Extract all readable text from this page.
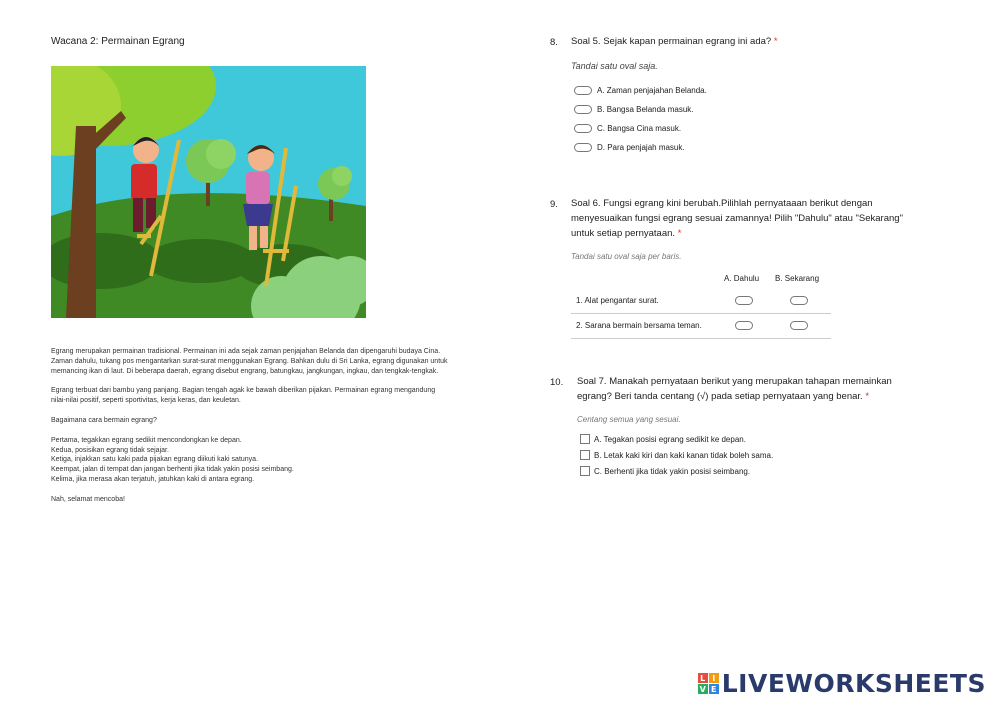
Wacana 2: Permainan Egrang

Egrang merupakan permainan tradisional. Permainan ini ada sejak zaman penjajahan Belanda dan dipengaruhi budaya Cina. Zaman dahulu, tukang pos mengantarkan surat-surat menggunakan Egrang. Bahkan dulu di Sri Lanka, egrang digunakan untuk memancing ikan di laut. Di beberapa daerah, egrang disebut engrang, batungkau, jangkungan, ingkau, dan tengkak-tengkak.

Egrang terbuat dari bambu yang panjang. Bagian tengah agak ke bawah diberikan pijakan. Permainan egrang mengandung nilai-nilai positif, seperti sportivitas, kerja keras, dan keuletan.

Bagaimana cara bermain egrang?

Pertama, tegakkan egrang sedikit mencondongkan ke depan.
Kedua, posisikan egrang tidak sejajar.
Ketiga, injakkan satu kaki pada pijakan egrang diikuti kaki satunya.
Keempat, jalan di tempat dan jangan berhenti jika tidak yakin posisi seimbang.
Kelima, jika merasa akan terjatuh, jatuhkan kaki di antara egrang.

Nah, selamat mencoba!

8. Soal 5. Sejak kapan permainan egrang ini ada? *
Tandai satu oval saja.
A. Zaman penjajahan Belanda.
B. Bangsa Belanda masuk.
C. Bangsa Cina masuk.
D. Para penjajah masuk.
9. Soal 6. Fungsi egrang kini berubah.Pilihlah pernyataaan berikut dengan
menyesuaikan fungsi egrang sesuai zamannya! Pilih "Dahulu" atau "Sekarang"
untuk setiap pernyataan. *
Tandai satu oval saja per baris.
A. Dahulu B. Sekarang
1. Alat pengantar surat.
2. Sarana bermain bersama teman.
10. Soal 7. Manakah pernyataan berikut yang merupakan tahapan memainkan
egrang? Beri tanda centang (√) pada setiap pernyataan yang benar. *
Centang semua yang sesuai.
A. Tegakan posisi egrang sedikit ke depan.
B. Letak kaki kiri dan kaki kanan tidak boleh sama.
C. Berhenti jika tidak yakin posisi seimbang.
L I
V E LIVEWORKSHEETS
